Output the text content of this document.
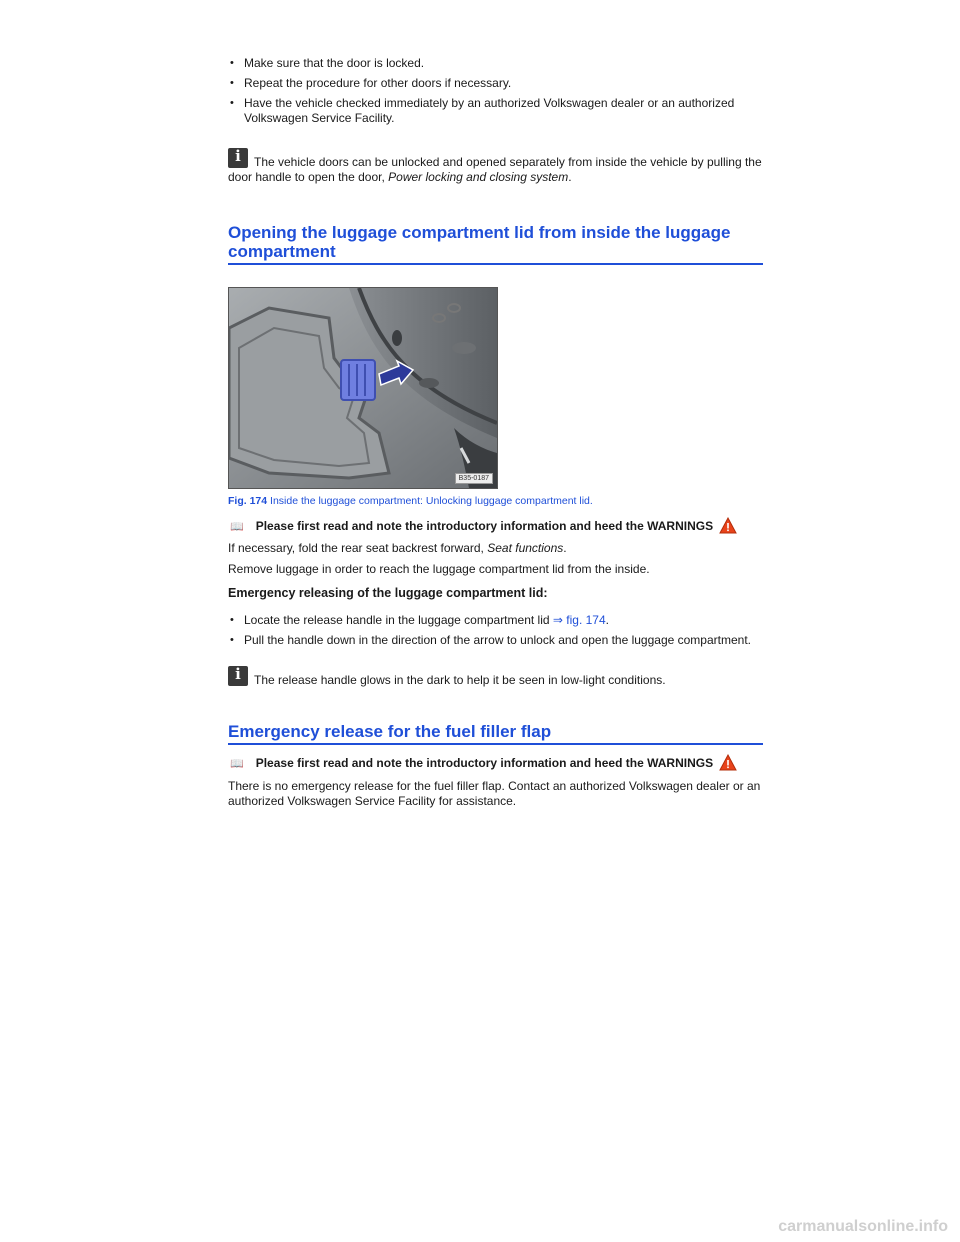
• Make sure that the door is locked.
• Repeat the procedure for other doors if necessary.
• Have the vehicle checked immediately by an authorized Volkswagen dealer or an authorized Volkswagen Service Facility.
iThe vehicle doors can be unlocked and opened separately from inside the vehicle by pulling the door handle to open the door, Power locking and closing system.
Opening the luggage compartment lid from inside the luggage compartment
B35-0187
Fig. 174 Inside the luggage compartment: Unlocking luggage compartment lid.
📖 Please first read and note the introductory information and heed the WARNINGS

If necessary, fold the rear seat backrest forward, Seat functions.

Remove luggage in order to reach the luggage compartment lid from the inside.

Emergency releasing of the luggage compartment lid:

• Locate the release handle in the luggage compartment lid ⇒ fig. 174.
• Pull the handle down in the direction of the arrow to unlock and open the luggage compartment.
iThe release handle glows in the dark to help it be seen in low-light conditions.
Emergency release for the fuel filler flap
📖 Please first read and note the introductory information and heed the WARNINGS

There is no emergency release for the fuel filler flap. Contact an authorized Volkswagen dealer or an authorized Volkswagen Service Facility for assistance.

carmanualsonline.info
